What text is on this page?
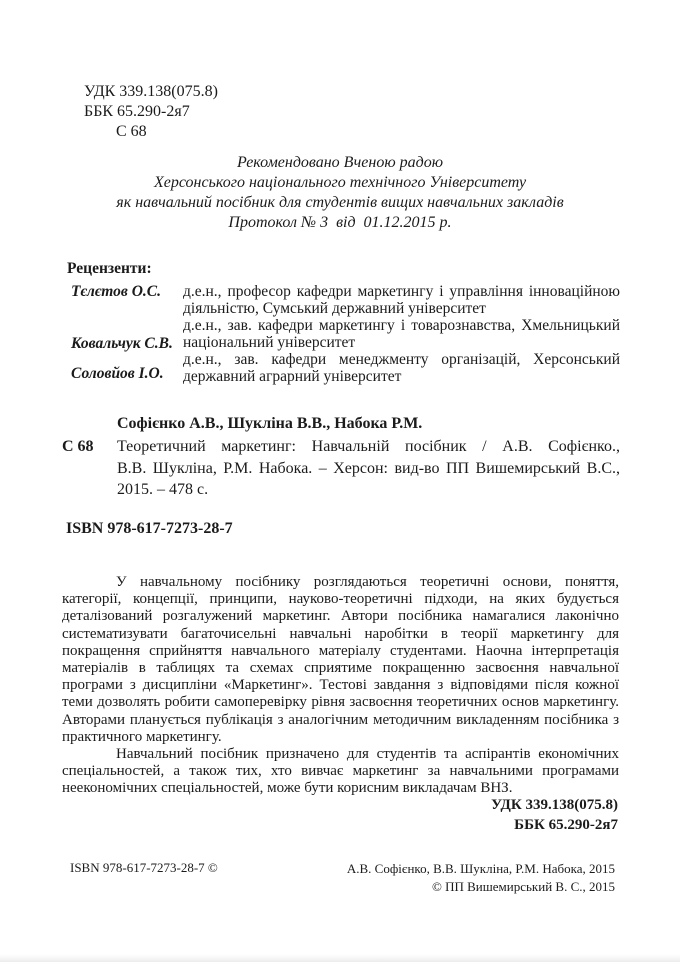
УДК 339.138(075.8)
ББК 65.290-2я7
С 68
Рекомендовано Вченою радою
Херсонського національного технічного Університету
як навчальний посібник для студентів вищих навчальних закладів
Протокол № 3  від  01.12.2015 р.
Рецензенти:
Тєлєтов О.С.
Ковальчук С.В.
Соловйов І.О.
д.е.н., професор кафедри маркетингу і управління інноваційною
діяльністю, Сумський державний університет
д.е.н., зав. кафедри маркетингу і товарознавства, Хмельницький
національний університет
д.е.н., зав. кафедри менеджменту організацій, Херсонський
державний аграрний університет
Софієнко А.В., Шукліна В.В., Набока Р.М.
С 68 Теоретичний маркетинг: Навчальній посібник / А.В. Софієнко.,
В.В. Шукліна, Р.М. Набока. – Херсон: вид-во ПП Вишемирський В.С.,
2015. – 478 с.
ISBN 978-617-7273-28-7

У навчальному посібнику розглядаються теоретичні основи, поняття, категорії, концепції, принципи, науково-теоретичні підходи, на яких будується деталізований розгалужений маркетинг. Автори посібника намагалися лаконічно систематизувати багаточисельні навчальні наробітки в теорії маркетингу для покращення сприйняття навчального матеріалу студентами. Наочна інтерпретація матеріалів в таблицях та схемах сприятиме покращенню засвоєння навчальної програми з дисципліни «Маркетинг». Тестові завдання з відповідями після кожної теми дозволять робити самоперевірку рівня засвоєння теоретичних основ маркетингу. Авторами планується публікація з аналогічним методичним викладенням посібника з практичного маркетингу.

Навчальний посібник призначено для студентів та аспірантів економічних спеціальностей, а також тих, хто вивчає маркетинг за навчальними програмами неекономічних спеціальностей, може бути корисним викладачам ВНЗ.

УДК 339.138(075.8)
ББК 65.290-2я7
ISBN 978-617-7273-28-7 ©	А.В. Софієнко, В.В. Шукліна, Р.М. Набока, 2015
© ПП Вишемирський В. С., 2015
